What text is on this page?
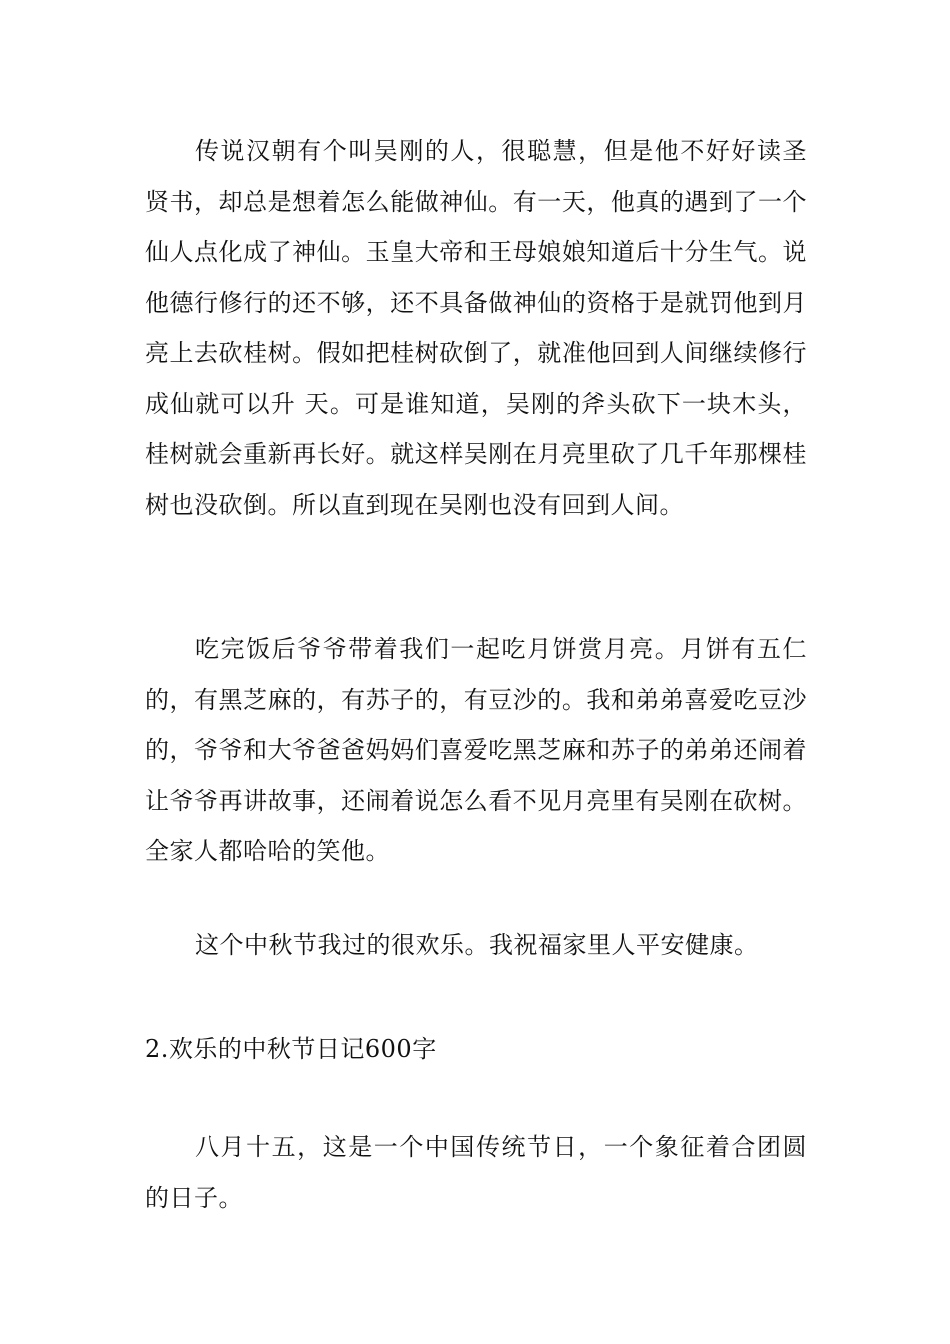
传说汉朝有个叫吴刚的人，很聪慧，但是他不好好读圣贤书，却总是想着怎么能做神仙。有一天，他真的遇到了一个仙人点化成了神仙。玉皇大帝和王母娘娘知道后十分生气。说他德行修行的还不够，还不具备做神仙的资格于是就罚他到月亮上去砍桂树。假如把桂树砍倒了，就准他回到人间继续修行成仙就可以升 天。可是谁知道，吴刚的斧头砍下一块木头，桂树就会重新再长好。就这样吴刚在月亮里砍了几千年那棵桂树也没砍倒。所以直到现在吴刚也没有回到人间。

吃完饭后爷爷带着我们一起吃月饼赏月亮。月饼有五仁的，有黑芝麻的，有苏子的，有豆沙的。我和弟弟喜爱吃豆沙的，爷爷和大爷爸爸妈妈们喜爱吃黑芝麻和苏子的弟弟还闹着让爷爷再讲故事，还闹着说怎么看不见月亮里有吴刚在砍树。全家人都哈哈的笑他。

这个中秋节我过的很欢乐。我祝福家里人平安健康。

2.欢乐的中秋节日记600字

八月十五，这是一个中国传统节日，一个象征着合团圆的日子。
